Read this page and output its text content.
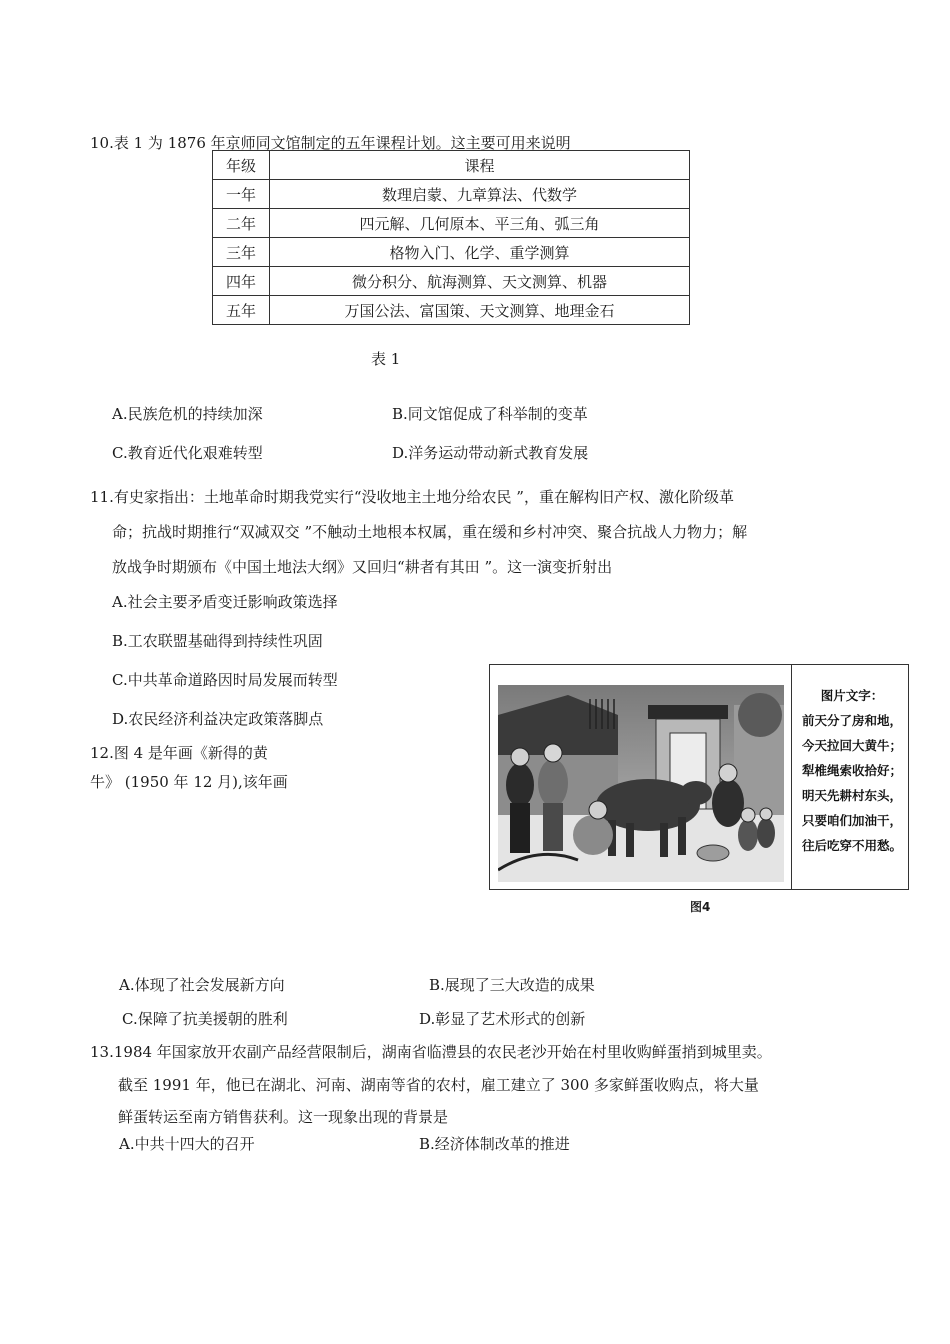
10.表 1 为 1876 年京师同文馆制定的五年课程计划。这主要可用来说明
年级	课程
一年	数理启蒙、九章算法、代数学
二年	四元解、几何原本、平三角、弧三角
三年	格物入门、化学、重学测算
四年	微分积分、航海测算、天文测算、机器
五年	万国公法、富国策、天文测算、地理金石
表 1
A.民族危机的持续加深	B.同文馆促成了科举制的变革
C.教育近代化艰难转型	D.洋务运动带动新式教育发展
11.有史家指出：土地革命时期我党实行“没收地主土地分给农民 ”，重在解构旧产权、激化阶级革
命；抗战时期推行“双减双交 ”不触动土地根本权属，重在缓和乡村冲突、聚合抗战人力物力；解
放战争时期颁布《中国土地法大纲》又回归“耕者有其田 ”。这一演变折射出
A.社会主要矛盾变迁影响政策选择
B.工农联盟基础得到持续性巩固
C.中共革命道路因时局发展而转型
D.农民经济利益决定政策落脚点
12.图 4 是年画《新得的黄
牛》 (1950 年 12 月),该年画
图片文字：
前天分了房和地，
今天拉回大黄牛；
犁椎绳索收拾好；
明天先耕村东头，
只要咱们加油干，
往后吃穿不用愁。
图4
A.体现了社会发展新方向	B.展现了三大改造的成果
C.保障了抗美援朝的胜利	D.彰显了艺术形式的创新
13.1984 年国家放开农副产品经营限制后，湖南省临澧县的农民老沙开始在村里收购鲜蛋捎到城里卖。
截至 1991 年，他已在湖北、河南、湖南等省的农村，雇工建立了 300 多家鲜蛋收购点，将大量
鲜蛋转运至南方销售获利。这一现象出现的背景是
A.中共十四大的召开	B.经济体制改革的推进
